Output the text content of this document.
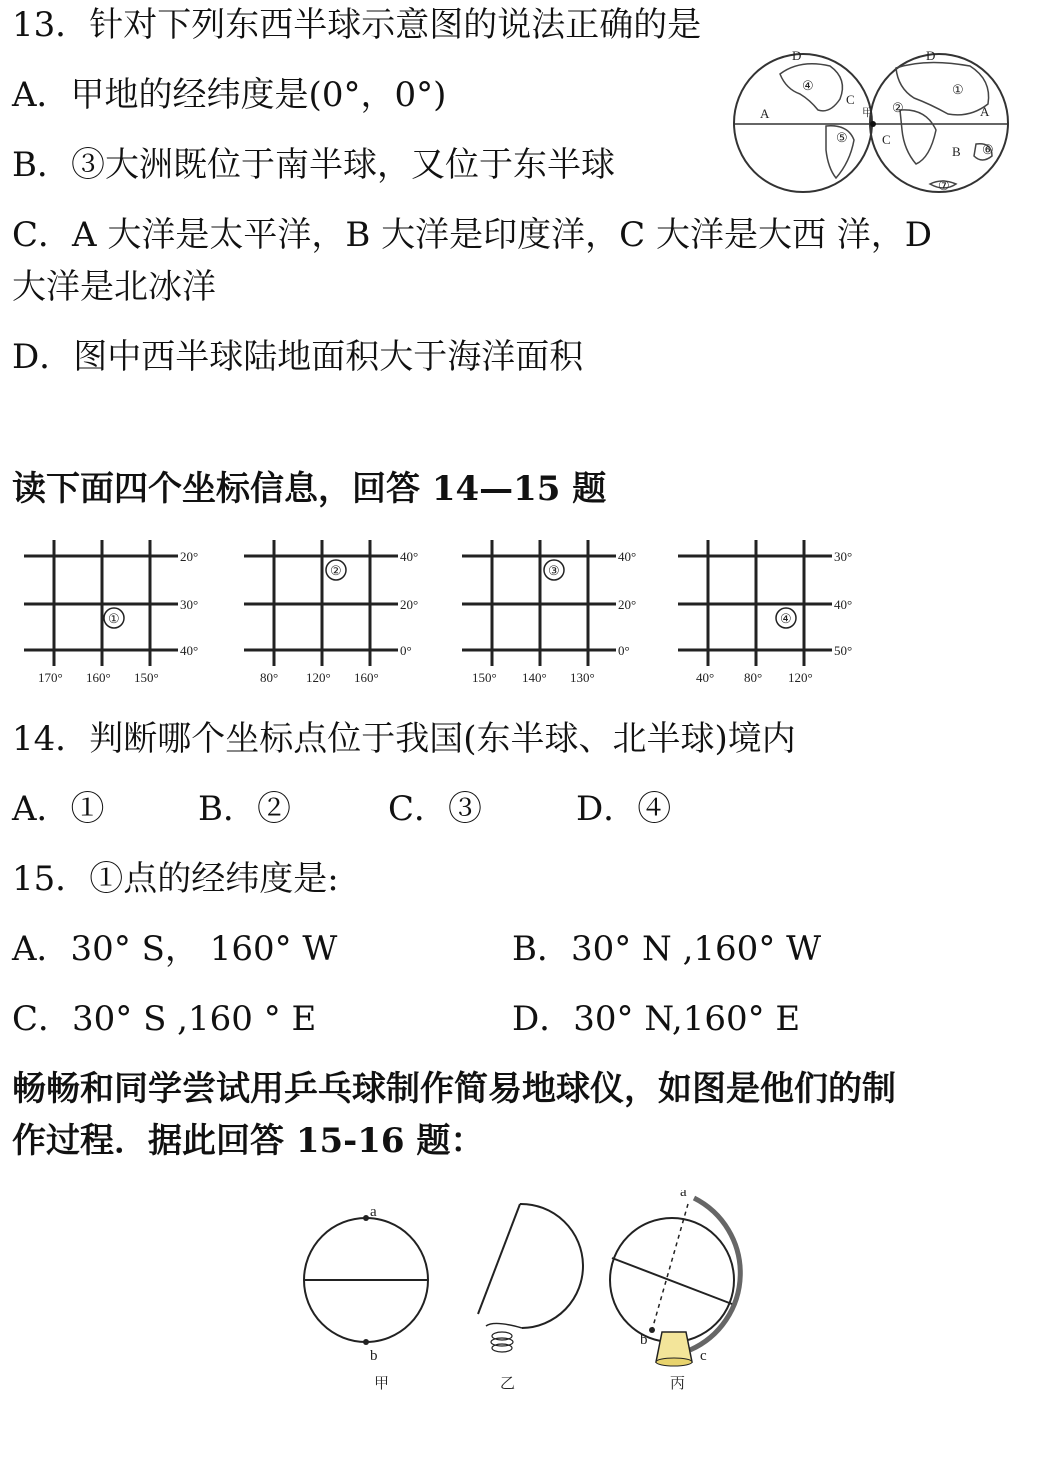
13．针对下列东西半球示意图的说法正确的是
A．甲地的经纬度是(0°，0°)
B．③大洲既位于南半球，又位于东半球
C．A 大洋是太平洋，B 大洋是印度洋，C 大洋是大西 洋，D
大洋是北冰洋
D．图中西半球陆地面积大于海洋面积
D
④
C
A
⑤
甲
D
②
①
A
C
B ⑥
⑦
读下面四个坐标信息，回答 14—15 题
①
20°
30°
40°
170° 160° 150°
②
40°
20°
0°
80° 120° 160°
③
40°
20°
0°
150° 140° 130°
④
30°
40°
50°
40° 80° 120°
14．判断哪个坐标点位于我国(东半球、北半球)境内
A．①	B．②	C．③	D．④
15．①点的经纬度是:
A．30° S， 160° W	B．30° N ,160° W
C．30° S ,160 ° E	D．30° N,160° E
畅畅和同学尝试用乒乓球制作简易地球仪，如图是他们的制
作过程．据此回答 15-16 题：
a
b
甲	乙
a
b
c
丙
